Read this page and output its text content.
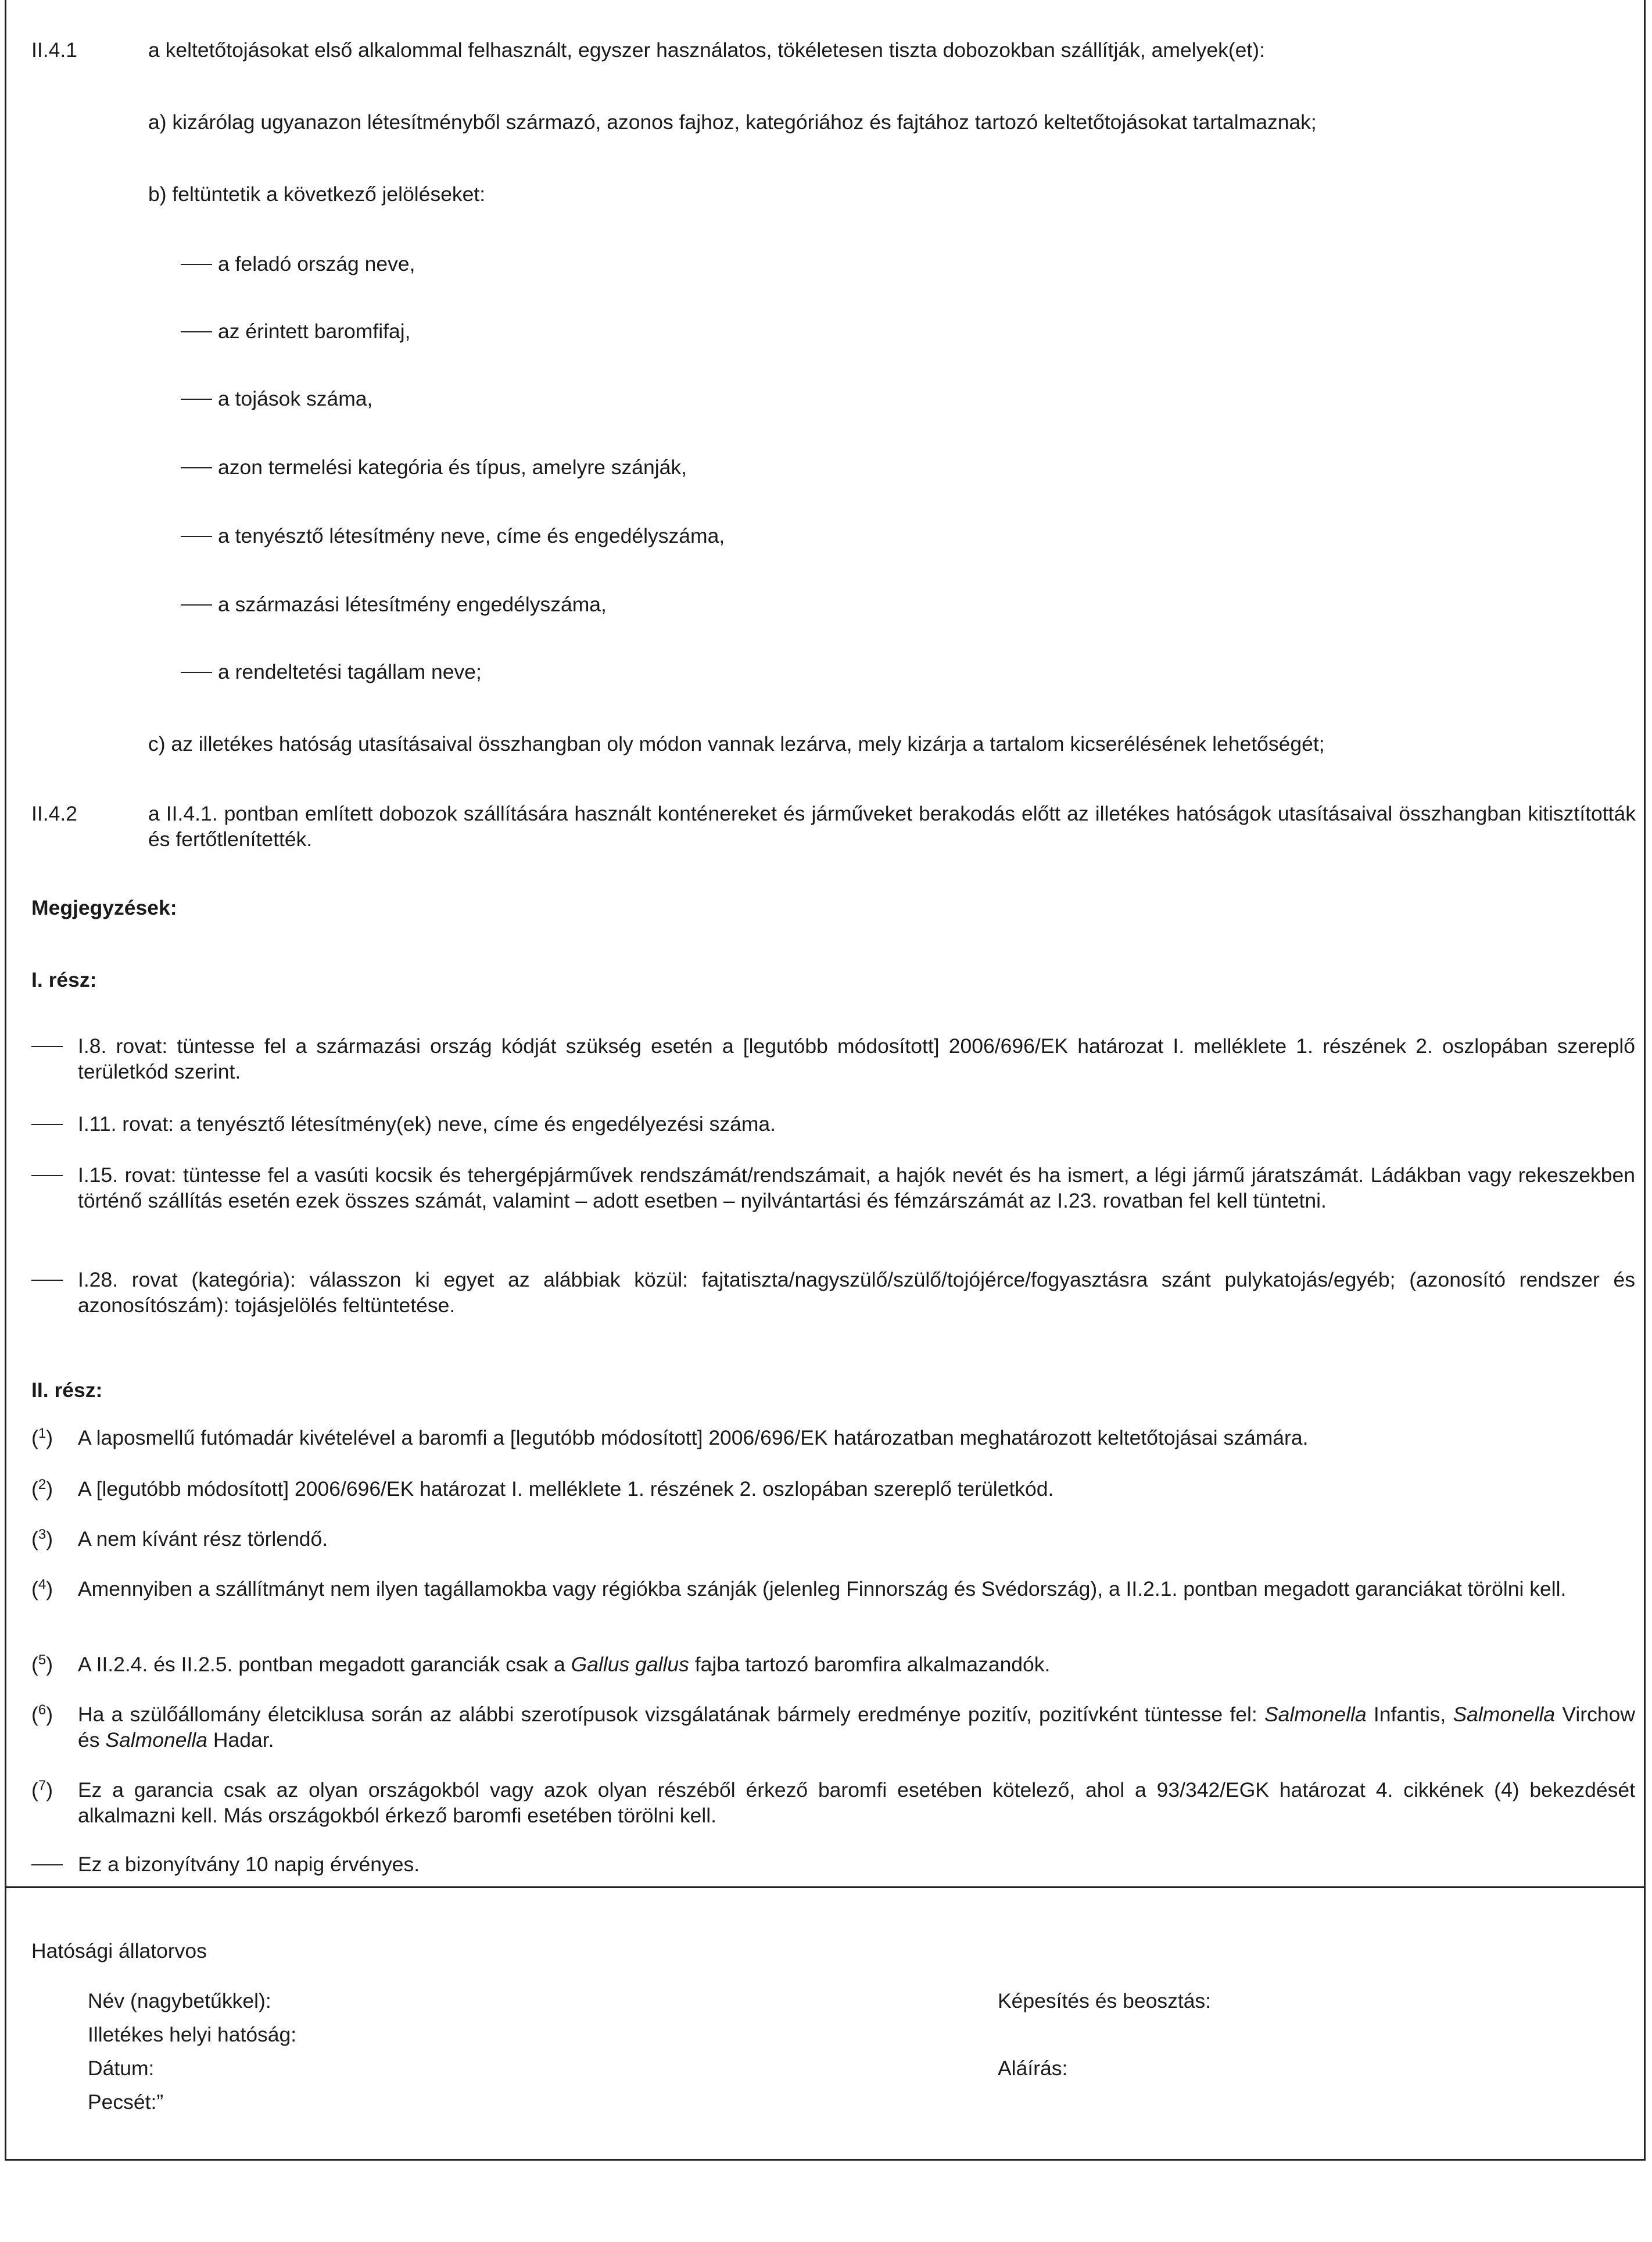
II.4.1	a keltetőtojásokat első alkalommal felhasznált, egyszer használatos, tökéletesen tiszta dobozokban szállítják, amelyek(et):
a) kizárólag ugyanazon létesítményből származó, azonos fajhoz, kategóriához és fajtához tartozó keltetőtojásokat tartalmaznak;
b) feltüntetik a következő jelöléseket:
a feladó ország neve,
az érintett baromfifaj,
a tojások száma,
azon termelési kategória és típus, amelyre szánják,
a tenyésztő létesítmény neve, címe és engedélyszáma,
a származási létesítmény engedélyszáma,
a rendeltetési tagállam neve;
c) az illetékes hatóság utasításaival összhangban oly módon vannak lezárva, mely kizárja a tartalom kicserélésének lehetőségét;
II.4.2	a II.4.1. pontban említett dobozok szállítására használt konténereket és járműveket berakodás előtt az illetékes hatóságok utasításaival összhangban kitisztították és fertőtlenítették.
Megjegyzések:
I. rész:
I.8. rovat: tüntesse fel a származási ország kódját szükség esetén a [legutóbb módosított] 2006/696/EK határozat I. melléklete 1. részének 2. oszlopában szereplő területkód szerint.
I.11. rovat: a tenyésztő létesítmény(ek) neve, címe és engedélyezési száma.
I.15. rovat: tüntesse fel a vasúti kocsik és tehergépjárművek rendszámát/rendszámait, a hajók nevét és ha ismert, a légi jármű járatszámát. Ládákban vagy rekeszekben történő szállítás esetén ezek összes számát, valamint – adott esetben – nyilvántartási és fémzárszámát az I.23. rovatban fel kell tüntetni.
I.28. rovat (kategória): válasszon ki egyet az alábbiak közül: fajtatiszta/nagyszülő/szülő/tojójérce/fogyasztásra szánt pulykatojás/egyéb; (azonosító rendszer és azonosítószám): tojásjelölés feltüntetése.
II. rész:
($^1$) A laposmellű futómadár kivételével a baromfi a [legutóbb módosított] 2006/696/EK határozatban meghatározott keltetőtojásai számára.
($^2$) A [legutóbb módosított] 2006/696/EK határozat I. melléklete 1. részének 2. oszlopában szereplő területkód.
($^3$) A nem kívánt rész törlendő.
($^4$) Amennyiben a szállítmányt nem ilyen tagállamokba vagy régiókba szánják (jelenleg Finnország és Svédország), a II.2.1. pontban megadott garanciákat törölni kell.
($^5$) A II.2.4. és II.2.5. pontban megadott garanciák csak a Gallus gallus fajba tartozó baromfira alkalmazandók.
($^6$) Ha a szülőállomány életciklusa során az alábbi szerotípusok vizsgálatának bármely eredménye pozitív, pozitívként tüntesse fel: Salmonella Infantis, Salmonella Virchow és Salmonella Hadar.
($^7$) Ez a garancia csak az olyan országokból vagy azok olyan részéből érkező baromfi esetében kötelező, ahol a 93/342/EGK határozat 4. cikkének (4) bekezdését alkalmazni kell. Más országokból érkező baromfi esetében törölni kell.
Ez a bizonyítvány 10 napig érvényes.
Hatósági állatorvos
Név (nagybetűkkel):	Képesítés és beosztás:
Illetékes helyi hatóság:
Dátum:	Aláírás:
Pecsét:”
